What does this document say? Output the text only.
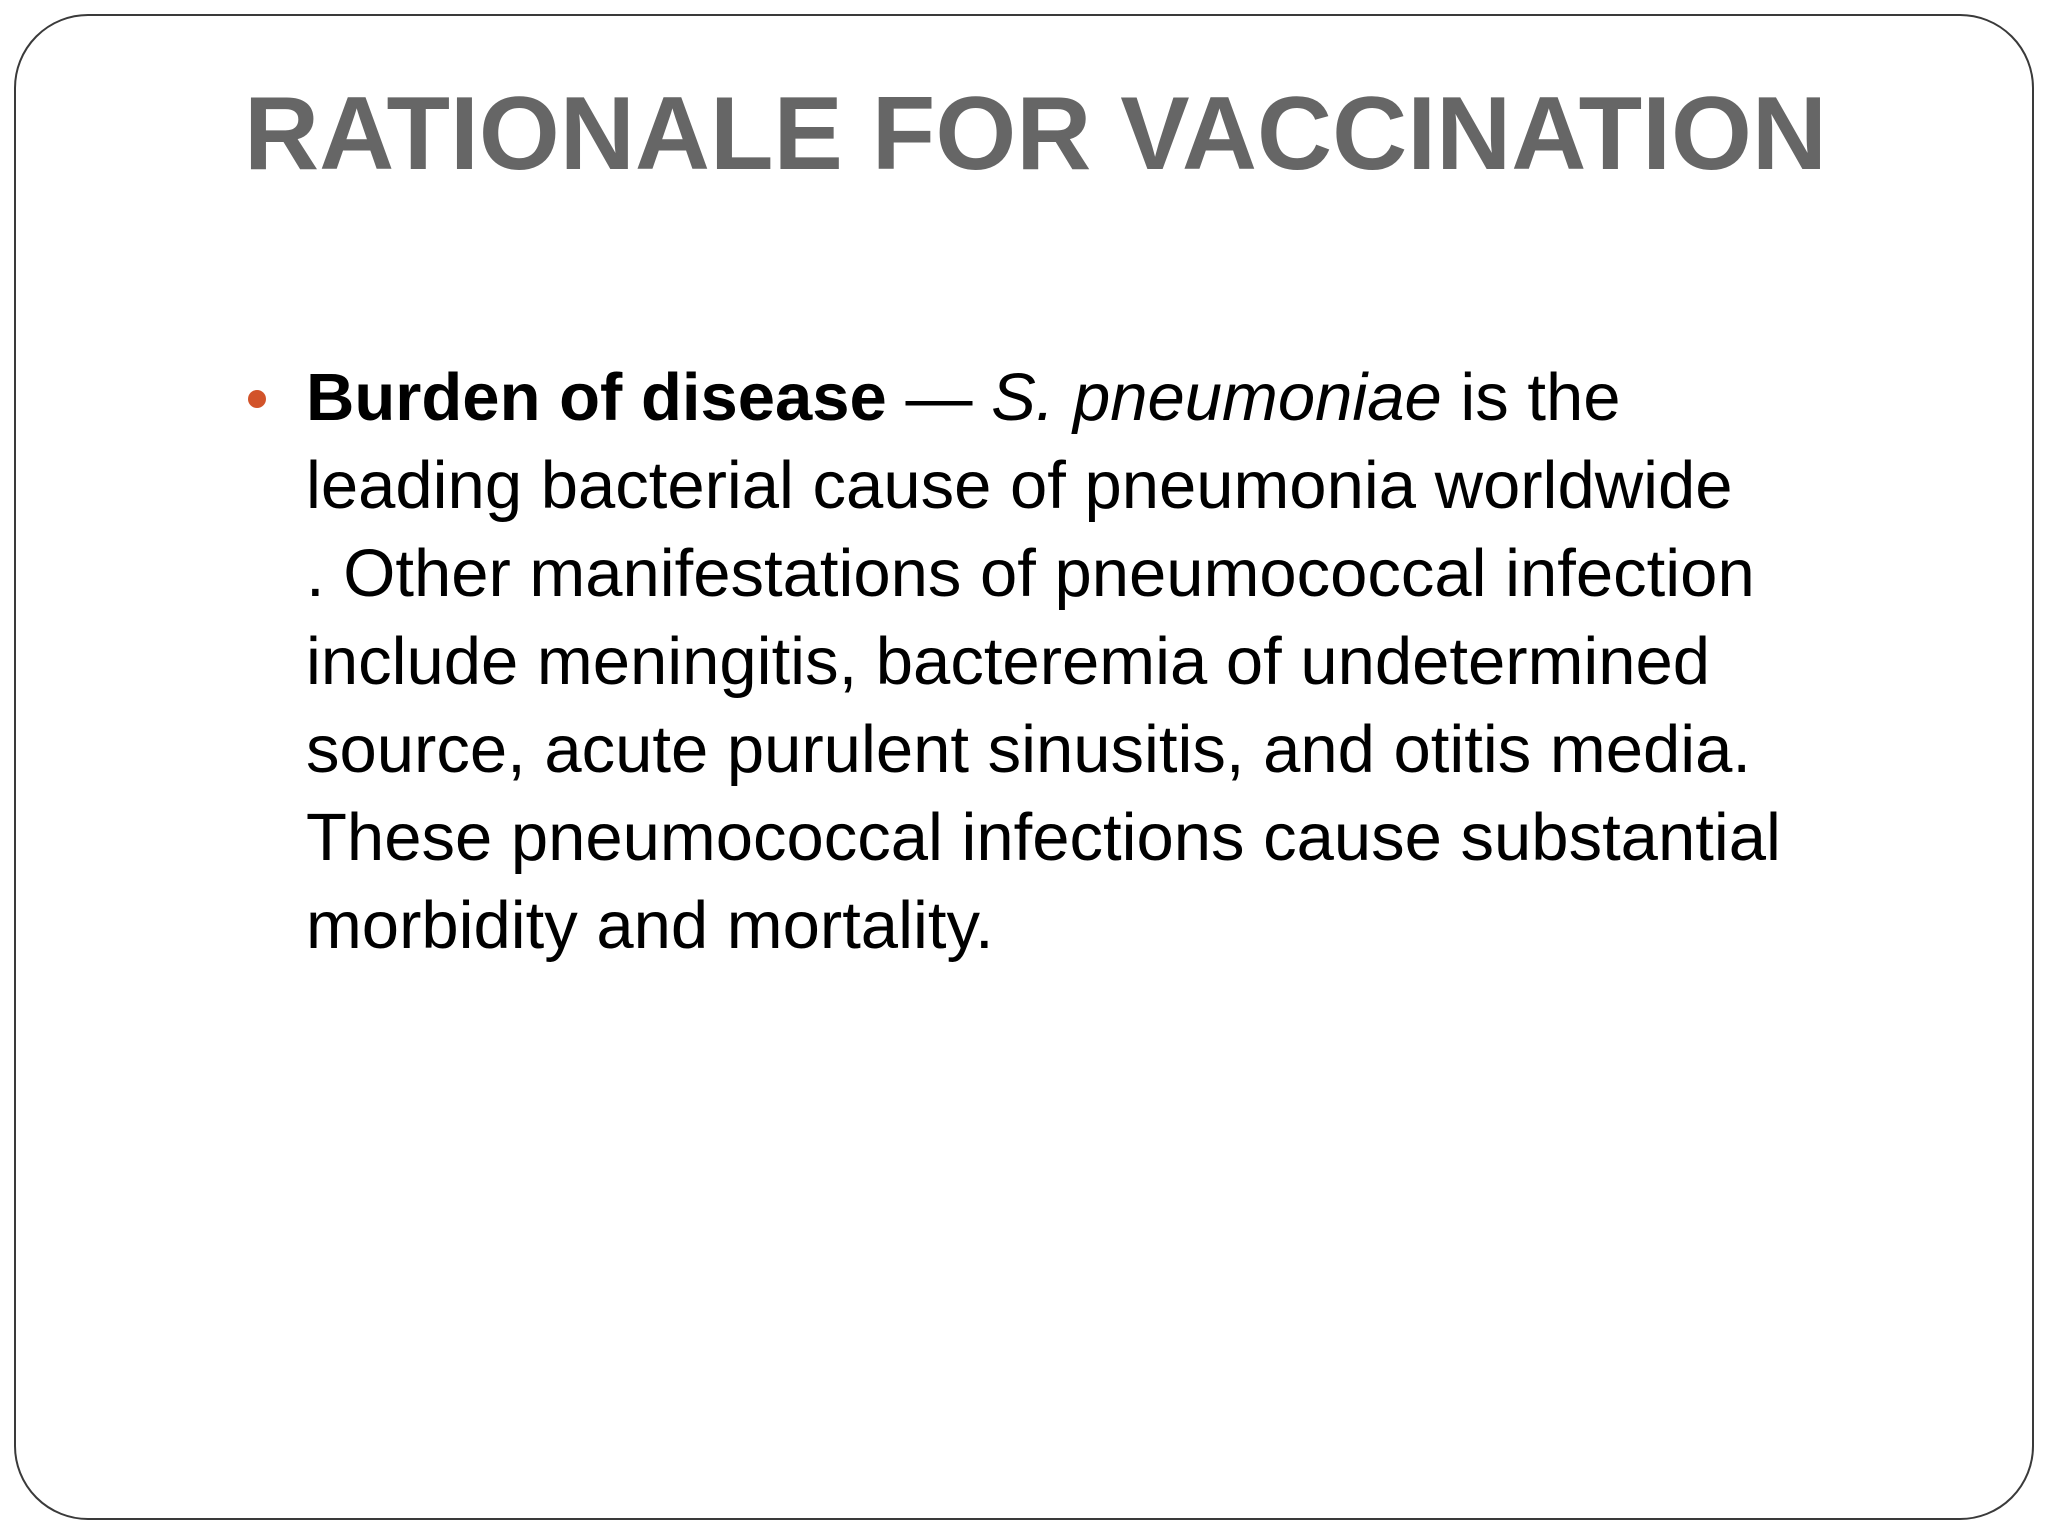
RATIONALE FOR VACCINATION
Burden of disease — S. pneumoniae is the
leading bacterial cause of pneumonia worldwide
. Other manifestations of pneumococcal infection
include meningitis, bacteremia of undetermined
source, acute purulent sinusitis, and otitis media.
These pneumococcal infections cause substantial
morbidity and mortality.
